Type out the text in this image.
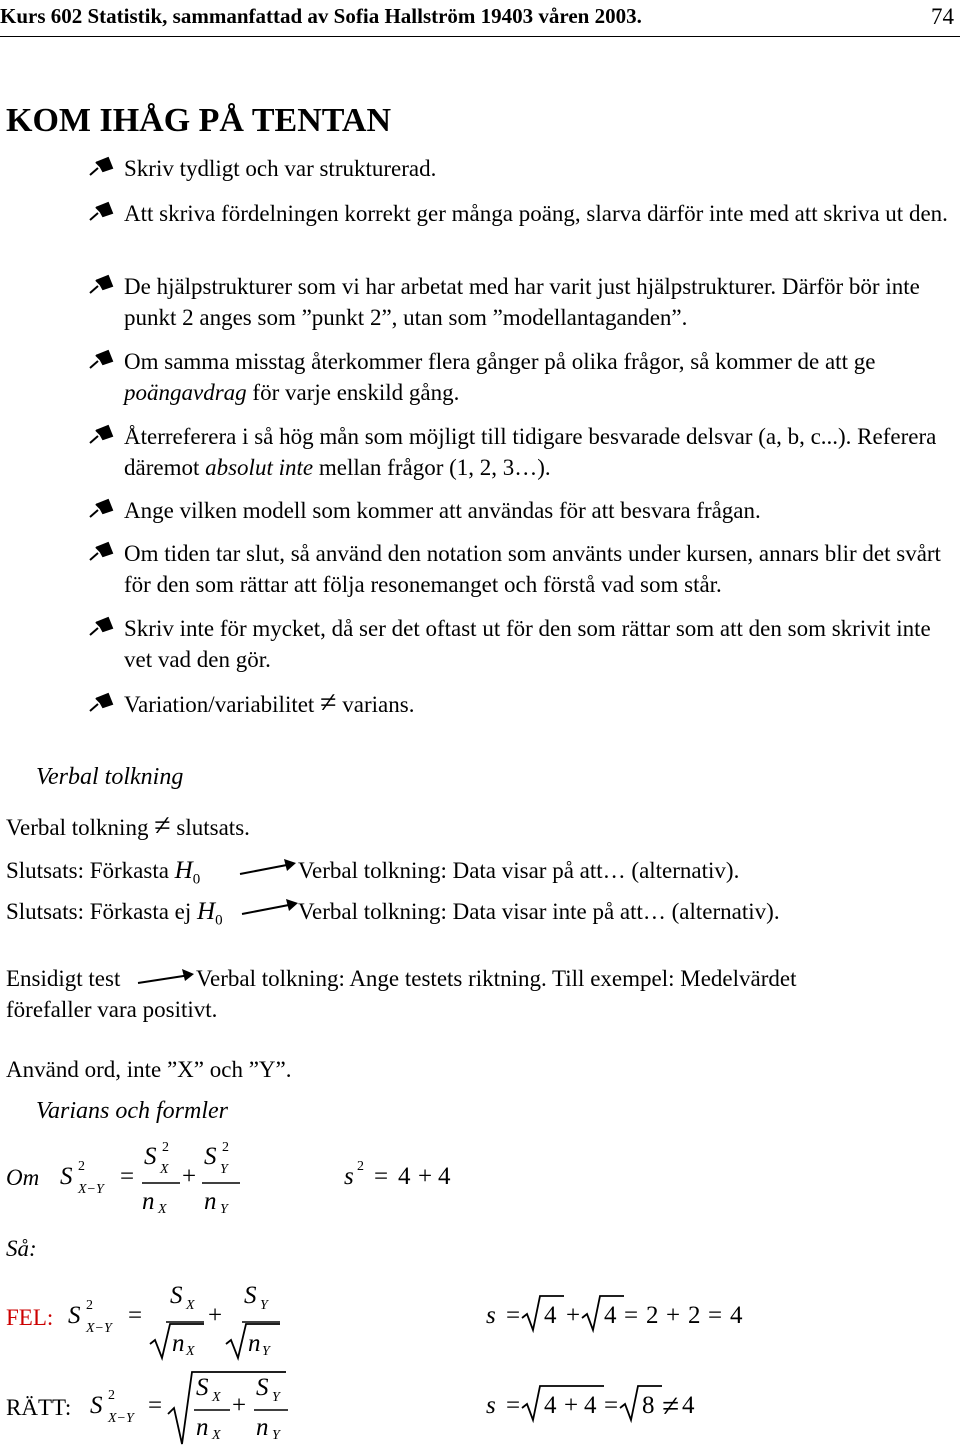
Kurs 602 Statistik, sammanfattad av Sofia Hallström 19403 våren 2003.	74
KOM IHÅG PÅ TENTAN
Skriv tydligt och var strukturerad.
Att skriva fördelningen korrekt ger många poäng, slarva därför inte med att skriva ut den.
De hjälpstrukturer som vi har arbetat med har varit just hjälpstrukturer. Därför bör inte punkt 2 anges som ”punkt 2”, utan som ”modellantaganden”.
Om samma misstag återkommer flera gånger på olika frågor, så kommer de att ge poängavdrag för varje enskild gång.
Återreferera i så hög mån som möjligt till tidigare besvarade delsvar (a, b, c...). Referera däremot absolut inte mellan frågor (1, 2, 3…).
Ange vilken modell som kommer att användas för att besvara frågan.
Om tiden tar slut, så använd den notation som använts under kursen, annars blir det svårt för den som rättar att följa resonemanget och förstå vad som står.
Skriv inte för mycket, då ser det oftast ut för den som rättar som att den som skrivit inte vet vad den gör.
Variation/variabilitet ≠ varians.
Verbal tolkning
Verbal tolkning ≠ slutsats.
Slutsats: Förkasta $H_0$	Verbal tolkning: Data visar på att… (alternativ).
Slutsats: Förkasta ej $H_0$	Verbal tolkning: Data visar inte på att… (alternativ).
Ensidigt test	Verbal tolkning: Ange testets riktning. Till exempel: Medelvärdet
förefaller vara positivt.
Använd ord, inte ”X” och ”Y”.
Varians och formler
Om S 2
X−Y =
S 2
X
n X
+
S 2
Y
n Y
s 2 = 4 + 4
Så:
FEL: S 2
X−Y =
S X
n X
+
S Y
n Y
s = 4 + 4 = 2 + 2 = 4
RÄTT: S 2
X−Y =
S X
n X
+
S Y
n Y
s = 4 + 4 = 8 ≠ 4
